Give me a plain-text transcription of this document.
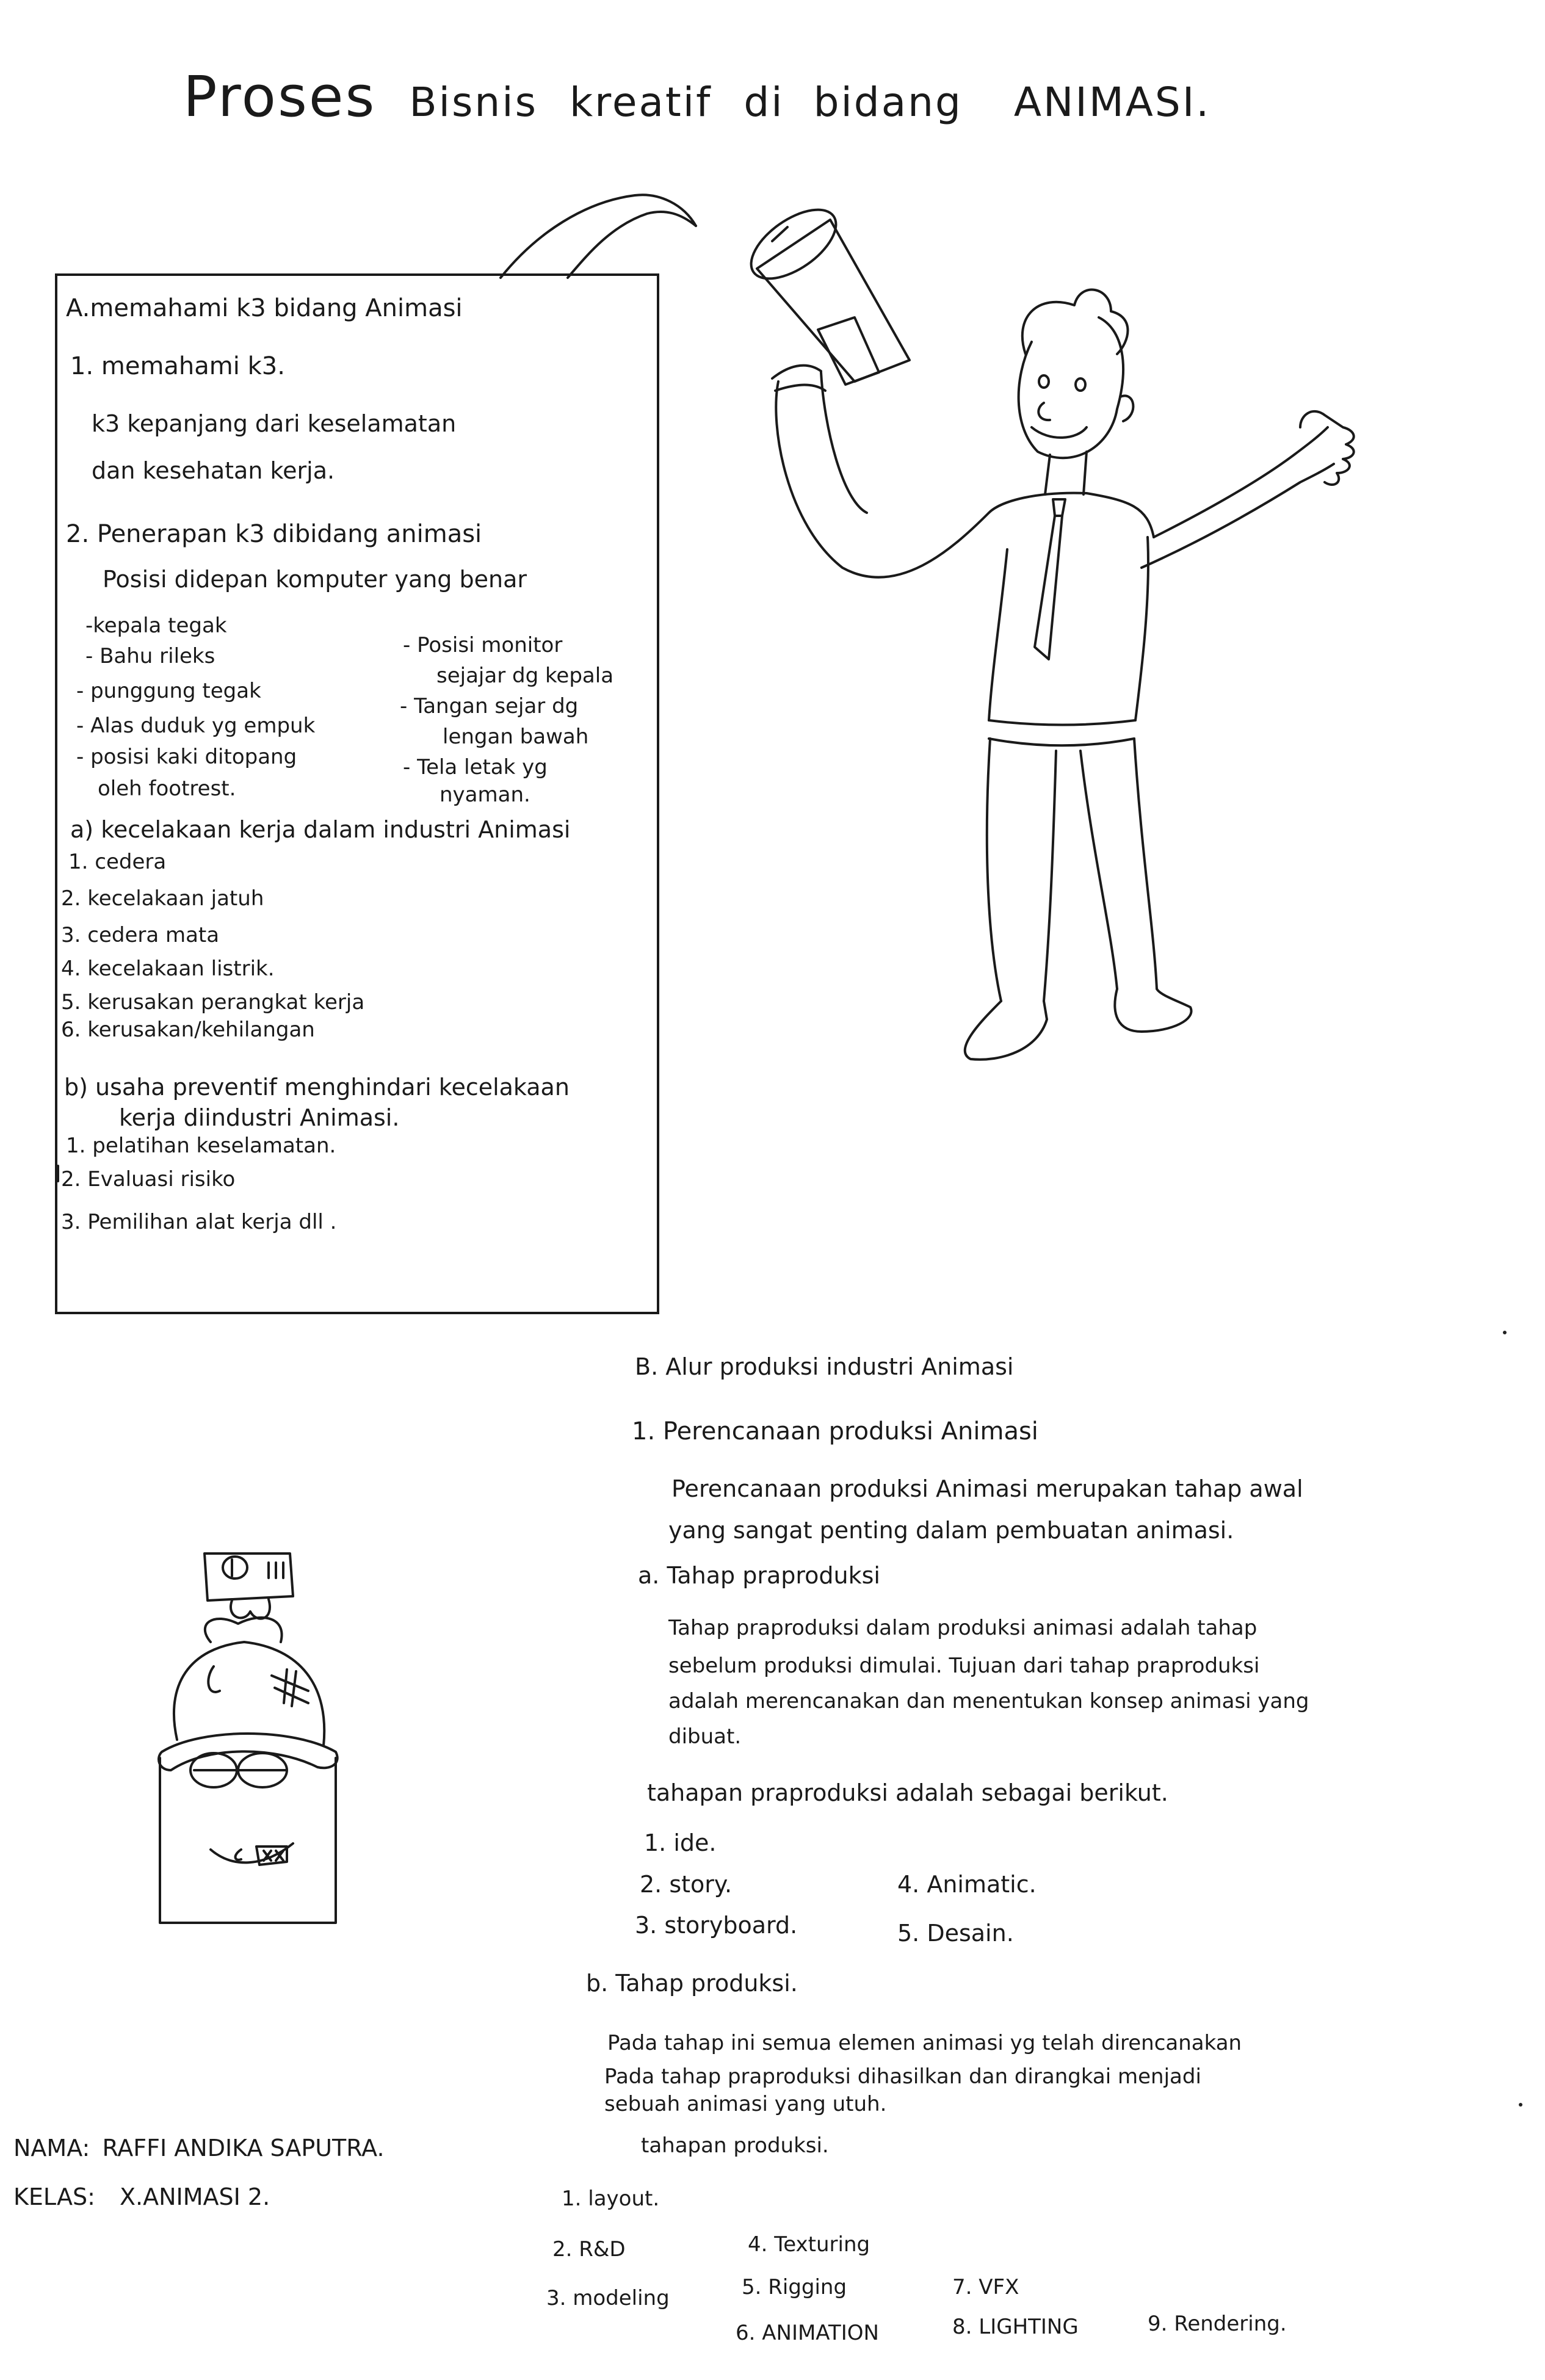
Proses Bisnis kreatif di bidang ANIMASI.
A.memahami k3 bidang Animasi
1. memahami k3.
k3 kepanjang dari keselamatan
dan kesehatan kerja.
2. Penerapan k3 dibidang animasi
Posisi didepan komputer yang benar
-kepala tegak
- Bahu rileks
- punggung tegak
- Alas duduk yg empuk
- posisi kaki ditopang
oleh footrest.
- Posisi monitor
sejajar dg kepala
- Tangan sejar dg
lengan bawah
- Tela letak yg
nyaman.
a) kecelakaan kerja dalam industri Animasi
1. cedera
2. kecelakaan jatuh
3. cedera mata
4. kecelakaan listrik.
5. kerusakan perangkat kerja
6. kerusakan/kehilangan
b) usaha preventif menghindari kecelakaan
kerja diindustri Animasi.
1. pelatihan keselamatan.
2. Evaluasi risiko
3. Pemilihan alat kerja dll .
B. Alur produksi industri Animasi
1. Perencanaan produksi Animasi
Perencanaan produksi Animasi merupakan tahap awal
yang sangat penting dalam pembuatan animasi.
a. Tahap praproduksi
Tahap praproduksi dalam produksi animasi adalah tahap
sebelum produksi dimulai. Tujuan dari tahap praproduksi
adalah merencanakan dan menentukan konsep animasi yang
dibuat.
tahapan praproduksi adalah sebagai berikut.
1. ide.
2. story.
3. storyboard.
4. Animatic.
5. Desain.
b. Tahap produksi.
Pada tahap ini semua elemen animasi yg telah direncanakan
Pada tahap praproduksi dihasilkan dan dirangkai menjadi
sebuah animasi yang utuh.
tahapan produksi.
1. layout.
2. R&D
3. modeling
4. Texturing
5. Rigging
6. ANIMATION
7. VFX
8. LIGHTING	9. Rendering.
NAMA: RAFFI ANDIKA SAPUTRA.
KELAS: X.ANIMASI 2.
